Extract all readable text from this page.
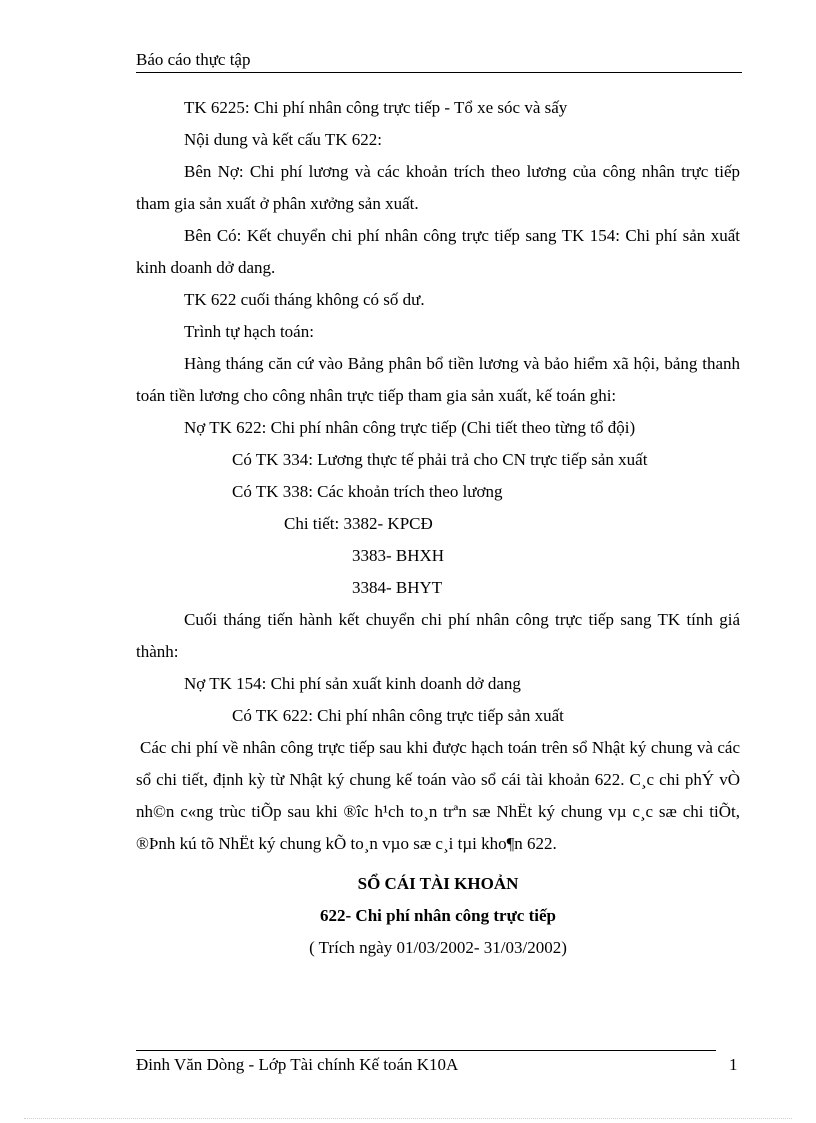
Báo cáo thực tập

TK 6225: Chi phí nhân công trực tiếp - Tổ xe sóc và sấy

Nội dung và kết cấu TK 622:

Bên Nợ: Chi phí lương và các khoản trích theo lương của công nhân trực tiếp tham gia sản xuất ở phân xưởng sản xuất.

Bên Có: Kết chuyển chi phí nhân công trực tiếp sang TK 154: Chi phí sản xuất kinh doanh dở dang.

TK 622 cuối tháng không có số dư.

Trình tự hạch toán:

Hàng tháng căn cứ vào Bảng phân bổ tiền lương và bảo hiểm xã hội, bảng thanh toán tiền lương cho công nhân trực tiếp tham gia sản xuất, kế toán ghi:

Nợ TK 622: Chi phí nhân công trực tiếp (Chi tiết theo từng tổ đội)

Có TK 334: Lương thực tế phải trả cho CN trực tiếp sản xuất

Có TK 338: Các khoản trích theo lương

Chi tiết: 3382- KPCĐ

3383- BHXH

3384- BHYT

Cuối tháng tiến hành kết chuyển chi phí nhân công trực tiếp sang TK tính giá thành:

Nợ TK 154: Chi phí sản xuất kinh doanh dở dang

Có TK 622: Chi phí nhân công trực tiếp sản xuất

Các chi phí về nhân công trực tiếp sau khi được hạch toán trên sổ Nhật ký chung và các sổ chi tiết, định kỳ từ Nhật ký chung kế toán vào sổ cái tài khoản 622. C¸c chi phÝ vÒ nh©n c«ng trùc tiÕp sau khi ®îc h¹ch to¸n trªn sæ NhËt ký chung vµ c¸c sæ chi tiÕt, ®Þnh kú tõ NhËt ký chung kÕ to¸n vµo sæ c¸i tµi kho¶n 622.

SỔ CÁI TÀI KHOẢN

622- Chi phí nhân công trực tiếp

( Trích ngày 01/03/2002- 31/03/2002)

Đinh Văn Dòng - Lớp Tài chính Kế toán K10A	1
